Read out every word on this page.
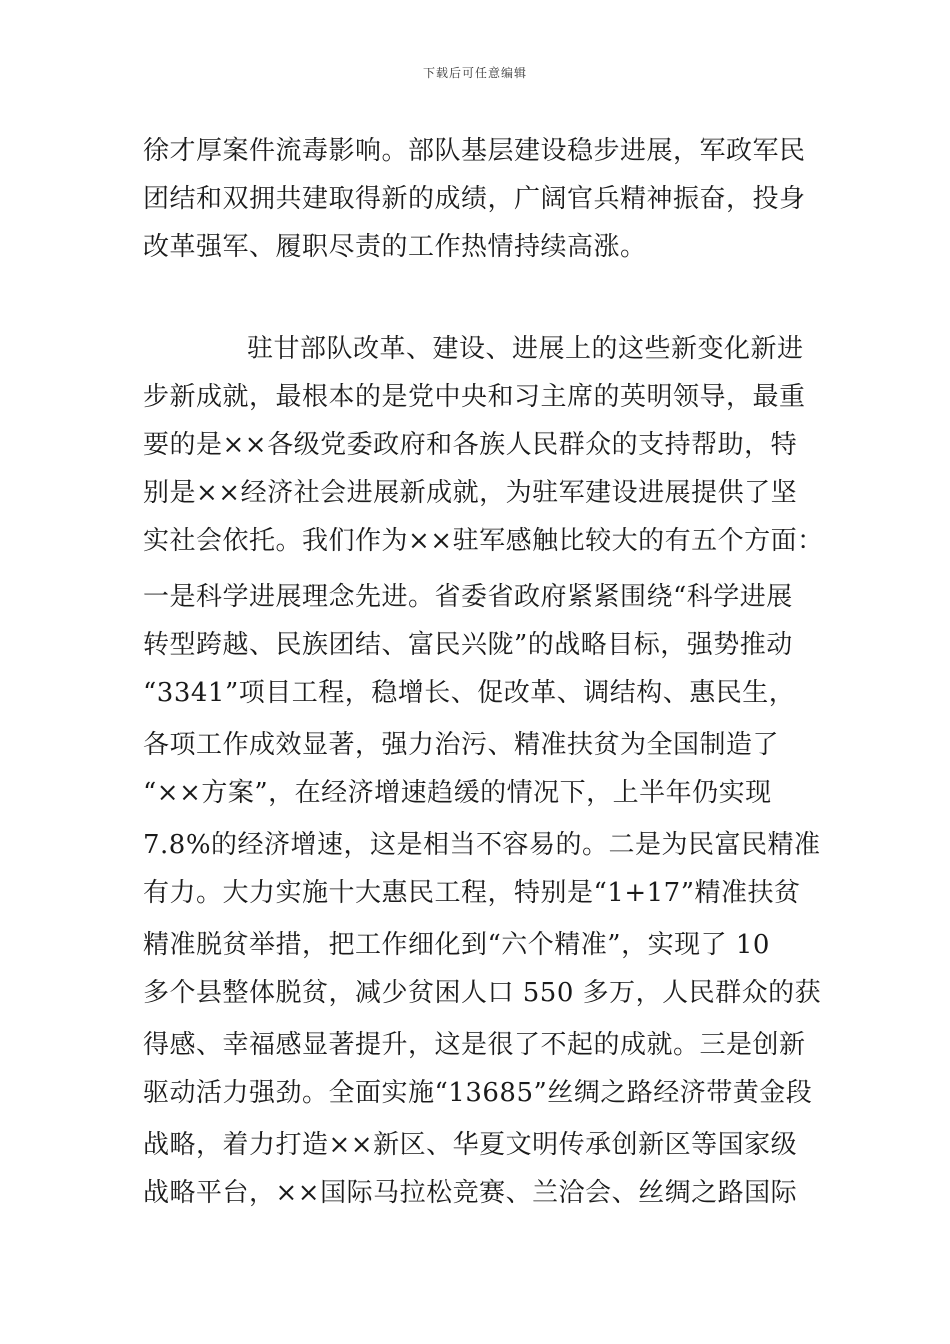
下载后可任意编辑
徐才厚案件流毒影响。部队基层建设稳步进展，军政军民
团结和双拥共建取得新的成绩，广阔官兵精神振奋，投身
改革强军、履职尽责的工作热情持续高涨。
驻甘部队改革、建设、进展上的这些新变化新进
步新成就，最根本的是党中央和习主席的英明领导，最重
要的是××各级党委政府和各族人民群众的支持帮助，特
别是××经济社会进展新成就，为驻军建设进展提供了坚
实社会依托。我们作为××驻军感触比较大的有五个方面：
一是科学进展理念先进。省委省政府紧紧围绕“科学进展
转型跨越、民族团结、富民兴陇”的战略目标，强势推动
“3341”项目工程，稳增长、促改革、调结构、惠民生，
各项工作成效显著，强力治污、精准扶贫为全国制造了
“××方案”，在经济增速趋缓的情况下，上半年仍实现
7.8%的经济增速，这是相当不容易的。二是为民富民精准
有力。大力实施十大惠民工程，特别是“1+17”精准扶贫
精准脱贫举措，把工作细化到“六个精准”，实现了 10
多个县整体脱贫，减少贫困人口 550 多万，人民群众的获
得感、幸福感显著提升，这是很了不起的成就。三是创新
驱动活力强劲。全面实施“13685”丝绸之路经济带黄金段
战略，着力打造××新区、华夏文明传承创新区等国家级
战略平台，××国际马拉松竞赛、兰洽会、丝绸之路国际
